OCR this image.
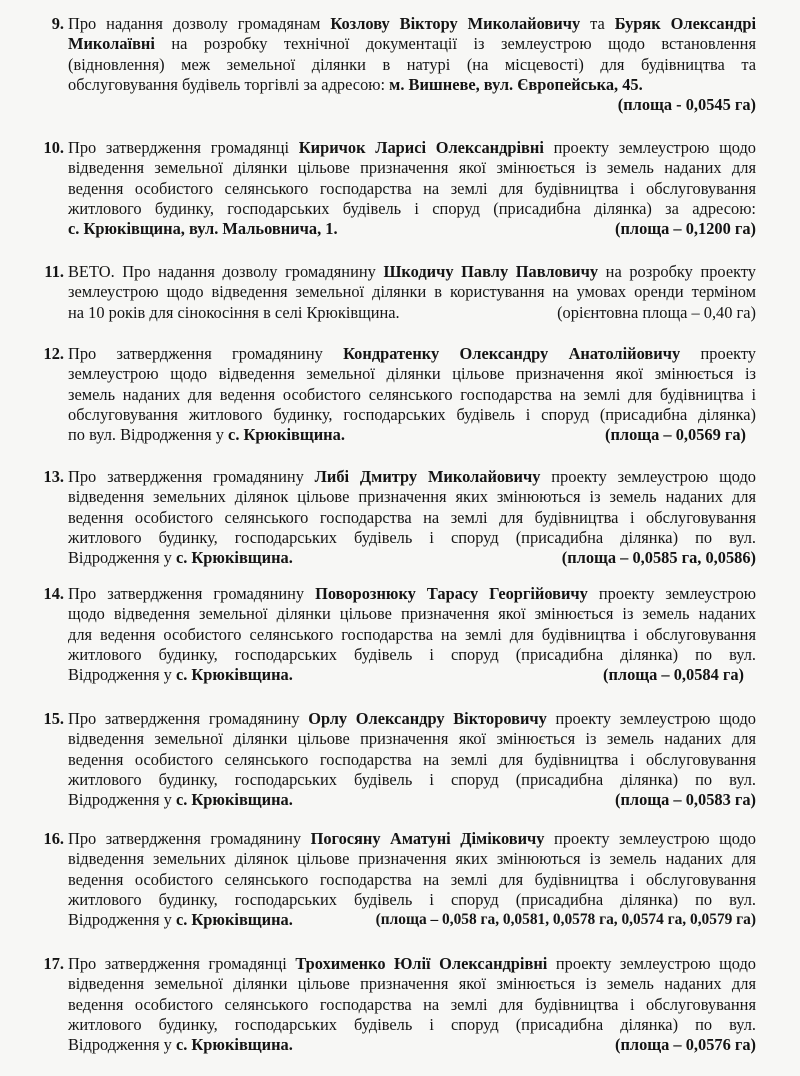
9. Про надання дозволу громадянам Козлову Віктору Миколайовичу та Буряк Олександрі
Миколаївні на розробку технічної документації із землеустрою щодо встановлення
(відновлення) меж земельної ділянки в натурі (на місцевості) для будівництва та
обслуговування будівель торгівлі за адресою: м. Вишневе, вул. Європейська, 45.
(площа - 0,0545 га)
10. Про затвердження громадянці Киричок Ларисі Олександрівні проекту землеустрою щодо
відведення земельної ділянки цільове призначення якої змінюється із земель наданих для
ведення особистого селянського господарства на землі для будівництва і обслуговування
житлового будинку, господарських будівель і споруд (присадибна ділянка) за адресою:
с. Крюківщина, вул. Мальовнича, 1.	(площа – 0,1200 га)
11. ВЕТО. Про надання дозволу громадянину Шкодичу Павлу Павловичу на розробку проекту
землеустрою щодо відведення земельної ділянки в користування на умовах оренди терміном
на 10 років для сінокосіння в селі Крюківщина.	(орієнтовна площа – 0,40 га)
12. Про затвердження громадянину Кондратенку Олександру Анатолійовичу проекту
землеустрою щодо відведення земельної ділянки цільове призначення якої змінюється із
земель наданих для ведення особистого селянського господарства на землі для будівництва і
обслуговування житлового будинку, господарських будівель і споруд (присадибна ділянка)
по вул. Відродження у с. Крюківщина.	(площа – 0,0569 га)
13. Про затвердження громадянину Либі Дмитру Миколайовичу проекту землеустрою щодо
відведення земельних ділянок цільове призначення яких змінюються із земель наданих для
ведення особистого селянського господарства на землі для будівництва і обслуговування
житлового будинку, господарських будівель і споруд (присадибна ділянка) по вул.
Відродження у с. Крюківщина.	(площа – 0,0585 га, 0,0586)
14. Про затвердження громадянину Поворознюку Тарасу Георгійовичу проекту землеустрою
щодо відведення земельної ділянки цільове призначення якої змінюється із земель наданих
для ведення особистого селянського господарства на землі для будівництва і обслуговування
житлового будинку, господарських будівель і споруд (присадибна ділянка) по вул.
Відродження у с. Крюківщина.	(площа – 0,0584 га)
15. Про затвердження громадянину Орлу Олександру Вікторовичу проекту землеустрою щодо
відведення земельної ділянки цільове призначення якої змінюється із земель наданих для
ведення особистого селянського господарства на землі для будівництва і обслуговування
житлового будинку, господарських будівель і споруд (присадибна ділянка) по вул.
Відродження у с. Крюківщина.	(площа – 0,0583 га)
16. Про затвердження громадянину Погосяну Аматуні Діміковичу проекту землеустрою щодо
відведення земельних ділянок цільове призначення яких змінюються із земель наданих для
ведення особистого селянського господарства на землі для будівництва і обслуговування
житлового будинку, господарських будівель і споруд (присадибна ділянка) по вул.
Відродження у с. Крюківщина.	(площа – 0,058 га, 0,0581, 0,0578 га, 0,0574 га, 0,0579 га)
17. Про затвердження громадянці Трохименко Юлії Олександрівні проекту землеустрою щодо
відведення земельної ділянки цільове призначення якої змінюється із земель наданих для
ведення особистого селянського господарства на землі для будівництва і обслуговування
житлового будинку, господарських будівель і споруд (присадибна ділянка) по вул.
Відродження у с. Крюківщина.	(площа – 0,0576 га)
